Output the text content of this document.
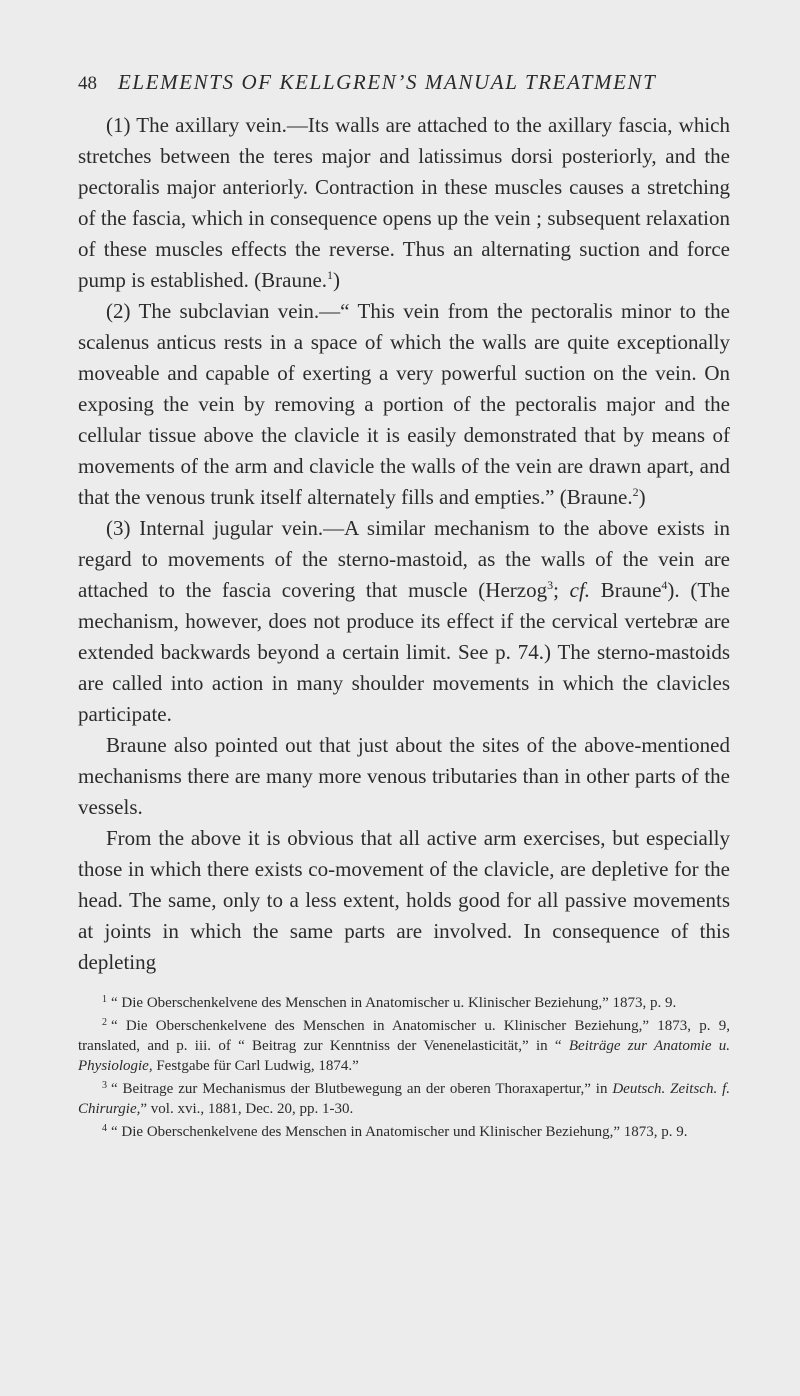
48	ELEMENTS OF KELLGREN’S MANUAL TREATMENT

(1) The axillary vein.—Its walls are attached to the axillary fascia, which stretches between the teres major and latissimus dorsi posteriorly, and the pectoralis major anteriorly. Contraction in these muscles causes a stretching of the fascia, which in consequence opens up the vein ; subsequent relaxation of these muscles effects the reverse. Thus an alternating suction and force pump is established. (Braune.$^1$)

(2) The subclavian vein.—“ This vein from the pectoralis minor to the scalenus anticus rests in a space of which the walls are quite exceptionally moveable and capable of exerting a very powerful suction on the vein. On exposing the vein by removing a portion of the pectoralis major and the cellular tissue above the clavicle it is easily demonstrated that by means of movements of the arm and clavicle the walls of the vein are drawn apart, and that the venous trunk itself alternately fills and empties.” (Braune.$^2$)

(3) Internal jugular vein.—A similar mechanism to the above exists in regard to movements of the sterno-mastoid, as the walls of the vein are attached to the fascia covering that muscle (Herzog$^3$; cf. Braune$^4$). (The mechanism, however, does not produce its effect if the cervical vertebræ are extended backwards beyond a certain limit. See p. 74.) The sterno-mastoids are called into action in many shoulder movements in which the clavicles participate.

Braune also pointed out that just about the sites of the above-mentioned mechanisms there are many more venous tributaries than in other parts of the vessels.

From the above it is obvious that all active arm exercises, but especially those in which there exists co-movement of the clavicle, are depletive for the head. The same, only to a less extent, holds good for all passive movements at joints in which the same parts are involved. In consequence of this depleting

$^1$ “ Die Oberschenkelvene des Menschen in Anatomischer u. Klinischer Beziehung,” 1873, p. 9.

$^2$ “ Die Oberschenkelvene des Menschen in Anatomischer u. Klinischer Beziehung,” 1873, p. 9, translated, and p. iii. of “ Beitrag zur Kenntniss der Venenelasticität,” in “ Beiträge zur Anatomie u. Physiologie, Festgabe für Carl Ludwig, 1874.”

$^3$ “ Beitrage zur Mechanismus der Blutbewegung an der oberen Thoraxapertur,” in Deutsch. Zeitsch. f. Chirurgie,” vol. xvi., 1881, Dec. 20, pp. 1-30.

$^4$ “ Die Oberschenkelvene des Menschen in Anatomischer und Klinischer Beziehung,” 1873, p. 9.
